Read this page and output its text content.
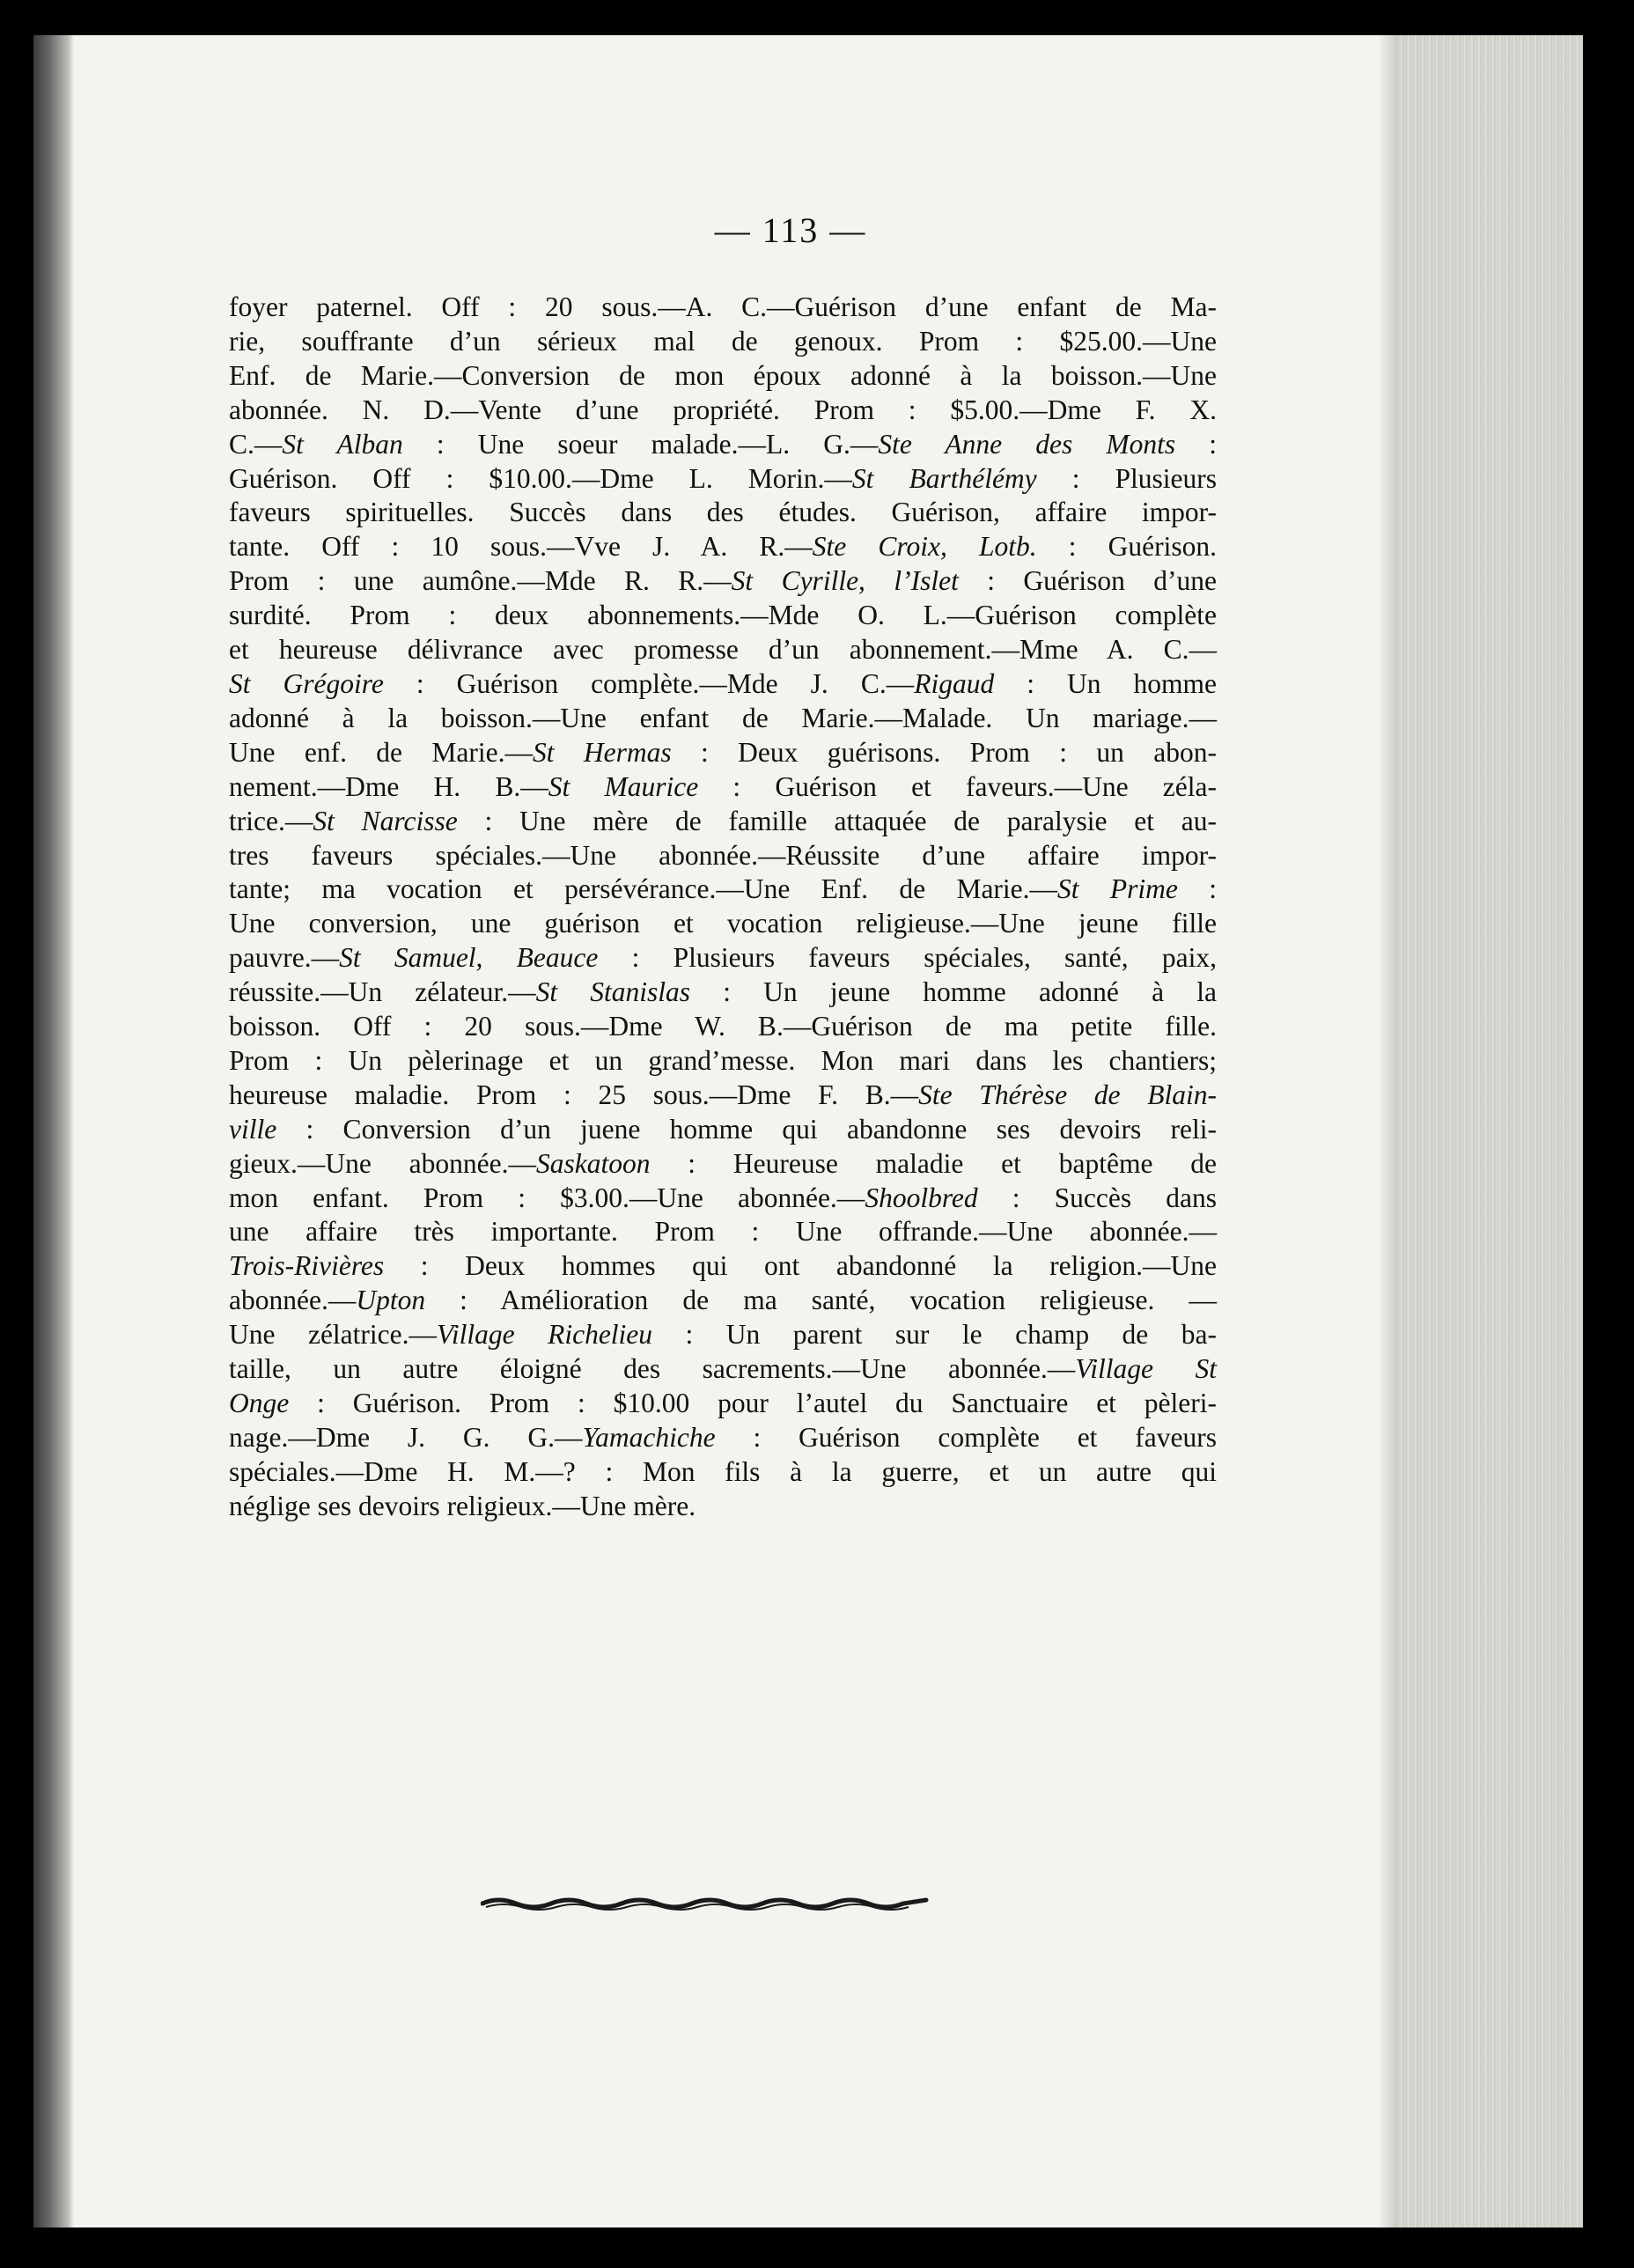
— 113 —
foyer paternel. Off : 20 sous.—A. C.—Guérison d’une enfant de Ma-
rie, souffrante d’un sérieux mal de genoux. Prom : $25.00.—Une
Enf. de Marie.—Conversion de mon époux adonné à la boisson.—Une
abonnée. N. D.—Vente d’une propriété. Prom : $5.00.—Dme F. X.
C.—St Alban : Une soeur malade.—L. G.—Ste Anne des Monts :
Guérison. Off : $10.00.—Dme L. Morin.—St Barthélémy : Plusieurs
faveurs spirituelles. Succès dans des études. Guérison, affaire impor-
tante. Off : 10 sous.—Vve J. A. R.—Ste Croix, Lotb. : Guérison.
Prom : une aumône.—Mde R. R.—St Cyrille, l’Islet : Guérison d’une
surdité. Prom : deux abonnements.—Mde O. L.—Guérison complète
et heureuse délivrance avec promesse d’un abonnement.—Mme A. C.—
St Grégoire : Guérison complète.—Mde J. C.—Rigaud : Un homme
adonné à la boisson.—Une enfant de Marie.—Malade. Un mariage.—
Une enf. de Marie.—St Hermas : Deux guérisons. Prom : un abon-
nement.—Dme H. B.—St Maurice : Guérison et faveurs.—Une zéla-
trice.—St Narcisse : Une mère de famille attaquée de paralysie et au-
tres faveurs spéciales.—Une abonnée.—Réussite d’une affaire impor-
tante; ma vocation et persévérance.—Une Enf. de Marie.—St Prime :
Une conversion, une guérison et vocation religieuse.—Une jeune fille
pauvre.—St Samuel, Beauce : Plusieurs faveurs spéciales, santé, paix,
réussite.—Un zélateur.—St Stanislas : Un jeune homme adonné à la
boisson. Off : 20 sous.—Dme W. B.—Guérison de ma petite fille.
Prom : Un pèlerinage et un grand’messe. Mon mari dans les chantiers;
heureuse maladie. Prom : 25 sous.—Dme F. B.—Ste Thérèse de Blain-
ville : Conversion d’un juene homme qui abandonne ses devoirs reli-
gieux.—Une abonnée.—Saskatoon : Heureuse maladie et baptême de
mon enfant. Prom : $3.00.—Une abonnée.—Shoolbred : Succès dans
une affaire très importante. Prom : Une offrande.—Une abonnée.—
Trois-Rivières : Deux hommes qui ont abandonné la religion.—Une
abonnée.—Upton : Amélioration de ma santé, vocation religieuse. —
Une zélatrice.—Village Richelieu : Un parent sur le champ de ba-
taille, un autre éloigné des sacrements.—Une abonnée.—Village St
Onge : Guérison. Prom : $10.00 pour l’autel du Sanctuaire et pèleri-
nage.—Dme J. G. G.—Yamachiche : Guérison complète et faveurs
spéciales.—Dme H. M.—? : Mon fils à la guerre, et un autre qui
néglige ses devoirs religieux.—Une mère.
